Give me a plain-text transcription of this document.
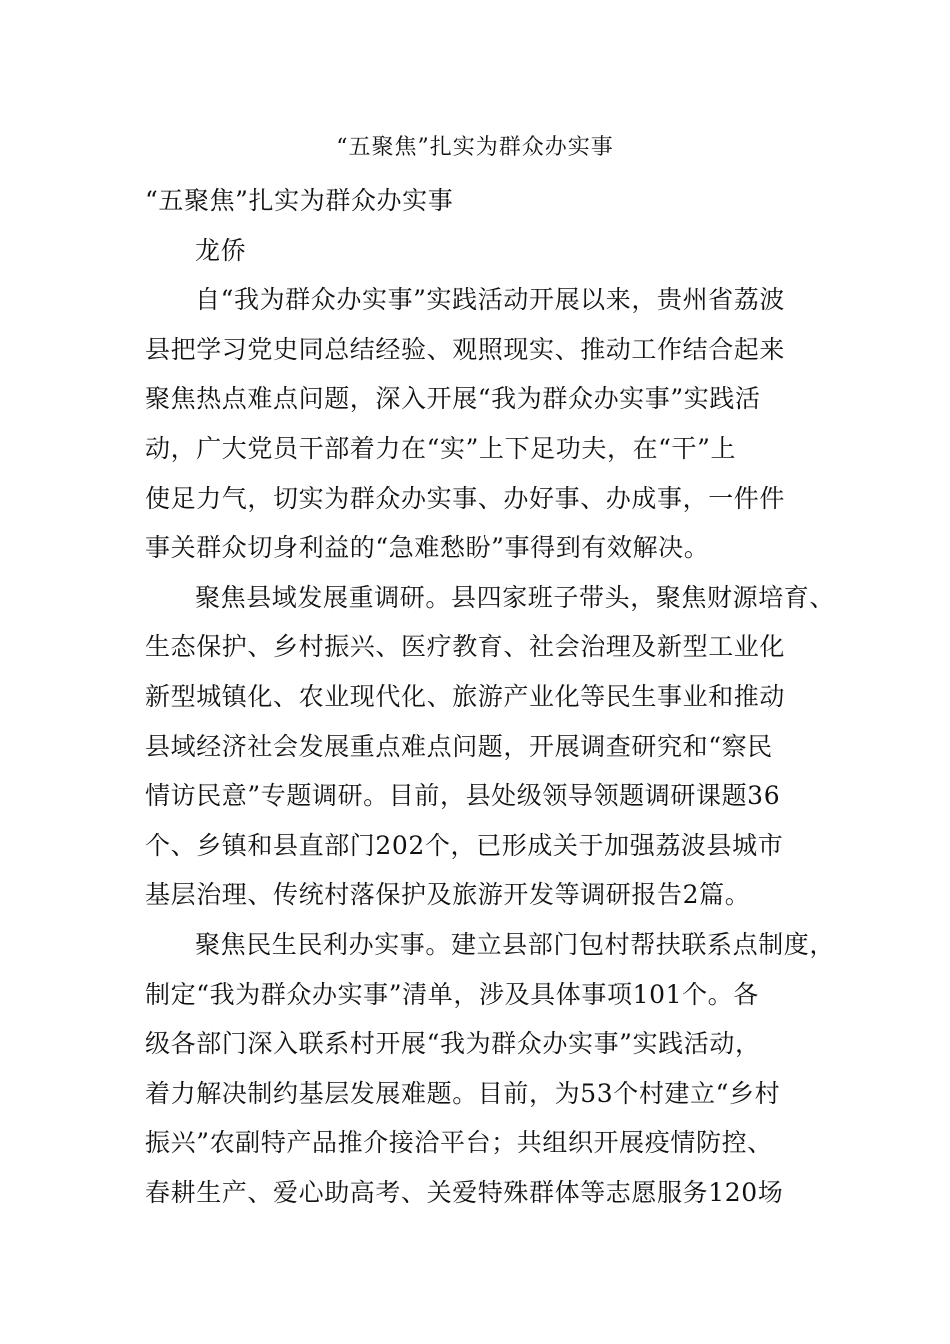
“五聚焦”扎实为群众办实事
“五聚焦”扎实为群众办实事
龙侨
自“我为群众办实事”实践活动开展以来，贵州省荔波
县把学习党史同总结经验、观照现实、推动工作结合起来
聚焦热点难点问题，深入开展“我为群众办实事”实践活
动，广大党员干部着力在“实”上下足功夫，在“干”上
使足力气，切实为群众办实事、办好事、办成事，一件件
事关群众切身利益的“急难愁盼”事得到有效解决。
聚焦县域发展重调研。县四家班子带头，聚焦财源培育、
生态保护、乡村振兴、医疗教育、社会治理及新型工业化
新型城镇化、农业现代化、旅游产业化等民生事业和推动
县域经济社会发展重点难点问题，开展调查研究和“察民
情访民意”专题调研。目前，县处级领导领题调研课题36
个、乡镇和县直部门202个，已形成关于加强荔波县城市
基层治理、传统村落保护及旅游开发等调研报告2篇。
聚焦民生民利办实事。建立县部门包村帮扶联系点制度，
制定“我为群众办实事”清单，涉及具体事项101个。各
级各部门深入联系村开展“我为群众办实事”实践活动，
着力解决制约基层发展难题。目前，为53个村建立“乡村
振兴”农副特产品推介接洽平台；共组织开展疫情防控、
春耕生产、爱心助高考、关爱特殊群体等志愿服务120场
